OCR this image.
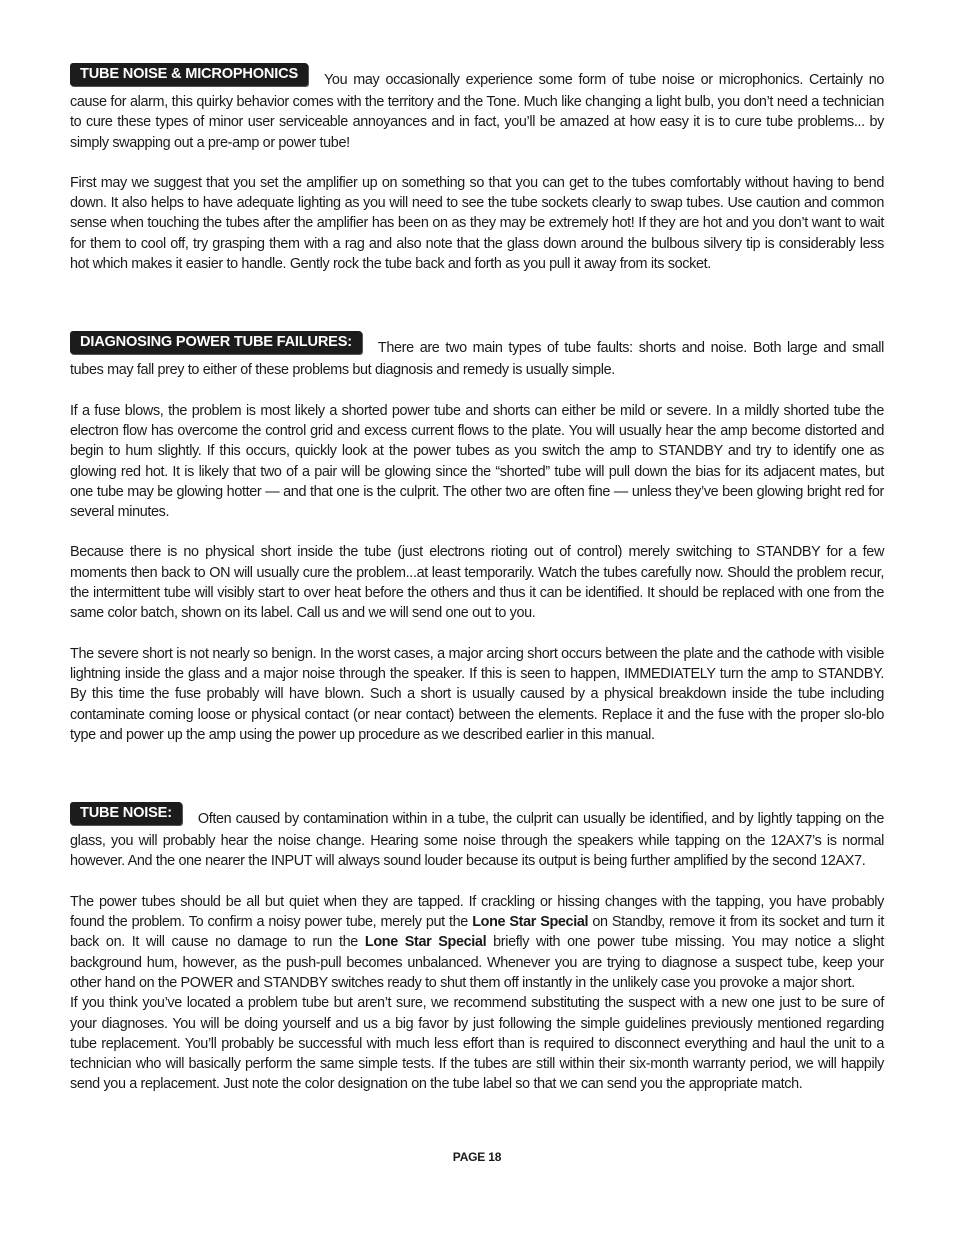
TUBE NOISE & MICROPHONICS You may occasionally experience some form of tube noise or microphonics. Certainly no cause for alarm, this quirky behavior comes with the territory and the Tone. Much like changing a light bulb, you don’t need a technician to cure these types of minor user serviceable annoyances and in fact, you’ll be amazed at how easy it is to cure tube problems... by simply swapping out a pre-amp or power tube!

First may we suggest that you set the amplifier up on something so that you can get to the tubes comfortably without having to bend down. It also helps to have adequate lighting as you will need to see the tube sockets clearly to swap tubes. Use caution and common sense when touching the tubes after the amplifier has been on as they may be extremely hot! If they are hot and you don’t want to wait for them to cool off, try grasping them with a rag and also note that the glass down around the bulbous silvery tip is considerably less hot which makes it easier to handle. Gently rock the tube back and forth as you pull it away from its socket.

DIAGNOSING POWER TUBE FAILURES: There are two main types of tube faults: shorts and noise. Both large and small tubes may fall prey to either of these problems but diagnosis and remedy is usually simple.

If a fuse blows, the problem is most likely a shorted power tube and shorts can either be mild or severe. In a mildly shorted tube the electron flow has overcome the control grid and excess current flows to the plate. You will usually hear the amp become distorted and begin to hum slightly. If this occurs, quickly look at the power tubes as you switch the amp to STANDBY and try to identify one as glowing red hot. It is likely that two of a pair will be glowing since the “shorted” tube will pull down the bias for its adjacent mates, but one tube may be glowing hotter — and that one is the culprit. The other two are often fine — unless they’ve been glowing bright red for several minutes.

Because there is no physical short inside the tube (just electrons rioting out of control) merely switching to STANDBY for a few moments then back to ON will usually cure the problem...at least temporarily. Watch the tubes carefully now. Should the problem recur, the intermittent tube will visibly start to over heat before the others and thus it can be identified. It should be replaced with one from the same color batch, shown on its label. Call us and we will send one out to you.

The severe short is not nearly so benign. In the worst cases, a major arcing short occurs between the plate and the cathode with visible lightning inside the glass and a major noise through the speaker. If this is seen to happen, IMMEDIATELY turn the amp to STANDBY. By this time the fuse probably will have blown. Such a short is usually caused by a physical breakdown inside the tube including contaminate coming loose or physical contact (or near contact) between the elements. Replace it and the fuse with the proper slo-blo type and power up the amp using the power up procedure as we described earlier in this manual.

TUBE NOISE: Often caused by contamination within in a tube, the culprit can usually be identified, and by lightly tapping on the glass, you will probably hear the noise change. Hearing some noise through the speakers while tapping on the 12AX7’s is normal however. And the one nearer the INPUT will always sound louder because its output is being further amplified by the second 12AX7.

The power tubes should be all but quiet when they are tapped. If crackling or hissing changes with the tapping, you have probably found the problem. To confirm a noisy power tube, merely put the Lone Star Special on Standby, remove it from its socket and turn it back on. It will cause no damage to run the Lone Star Special briefly with one power tube missing. You may notice a slight background hum, however, as the push-pull becomes unbalanced. Whenever you are trying to diagnose a suspect tube, keep your other hand on the POWER and STANDBY switches ready to shut them off instantly in the unlikely case you provoke a major short.

If you think you’ve located a problem tube but aren’t sure, we recommend substituting the suspect with a new one just to be sure of your diagnoses. You will be doing yourself and us a big favor by just following the simple guidelines previously mentioned regarding tube replacement. You’ll probably be successful with much less effort than is required to disconnect everything and haul the unit to a technician who will basically perform the same simple tests. If the tubes are still within their six-month warranty period, we will happily send you a replacement. Just note the color designation on the tube label so that we can send you the appropriate match.

PAGE 18
